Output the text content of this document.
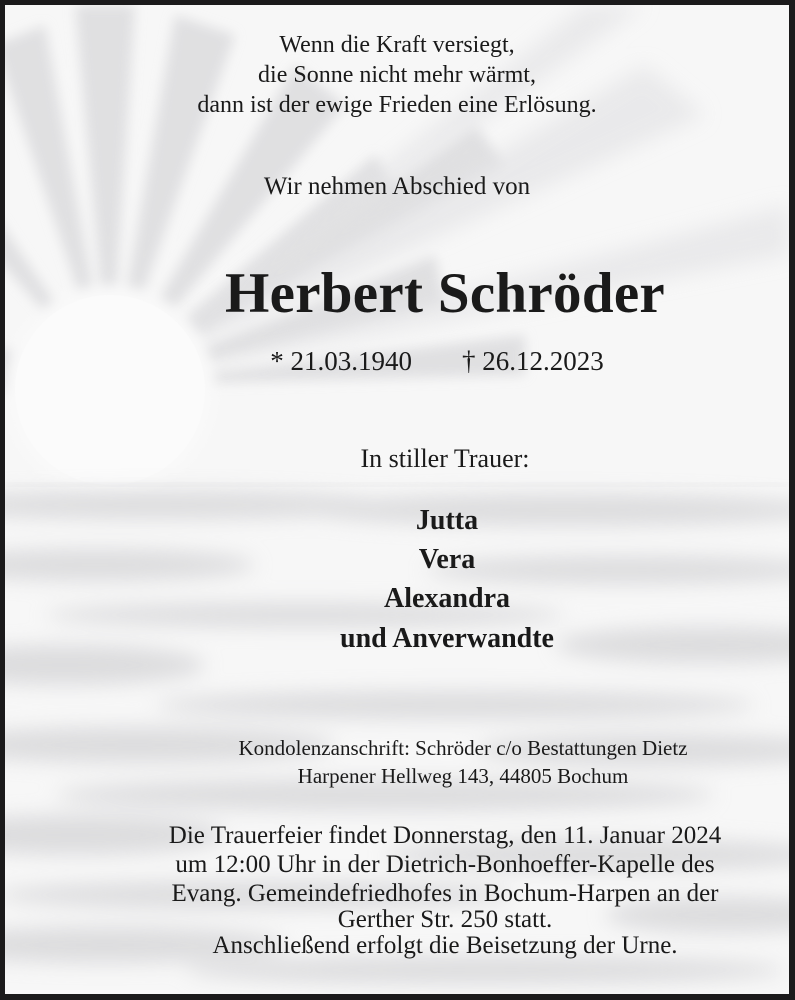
Wenn die Kraft versiegt,
die Sonne nicht mehr wärmt,
dann ist der ewige Frieden eine Erlösung.
Wir nehmen Abschied von
Herbert Schröder
* 21.03.1940 † 26.12.2023
In stiller Trauer:
Jutta
Vera
Alexandra
und Anverwandte
Kondolenzanschrift: Schröder c/o Bestattungen Dietz
Harpener Hellweg 143, 44805 Bochum
Die Trauerfeier findet Donnerstag, den 11. Januar 2024
um 12:00 Uhr in der Dietrich-Bonhoeffer-Kapelle des
Evang. Gemeindefriedhofes in Bochum-Harpen an der
Gerther Str. 250 statt.
Anschließend erfolgt die Beisetzung der Urne.
